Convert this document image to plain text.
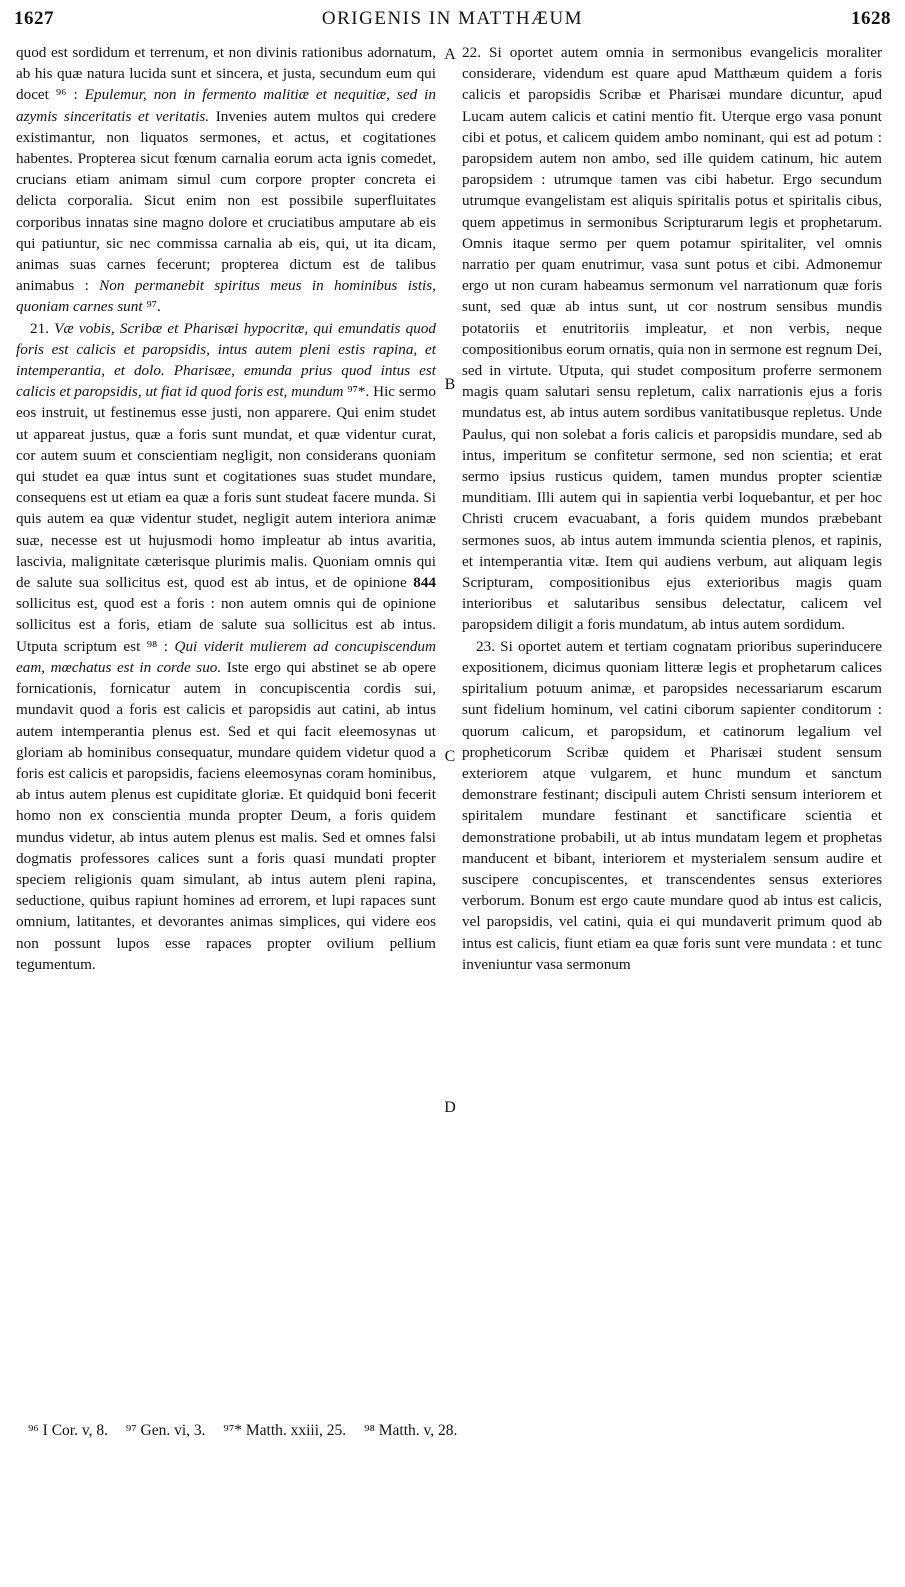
1627	ORIGENIS IN MATTHÆUM	1628

quod est sordidum et terrenum, et non divinis rationibus adornatum, ab his quæ natura lucida sunt et sincera, et justa, secundum eum qui docet ⁹⁶ : Epulemur, non in fermento malitiæ et nequitiæ, sed in azymis sinceritatis et veritatis. Invenies autem multos qui credere existimantur, non liquatos sermones, et actus, et cogitationes habentes. Propterea sicut fœnum carnalia eorum acta ignis comedet, crucians etiam animam simul cum corpore propter concreta ei delicta corporalia. Sicut enim non est possibile superfluitates corporibus innatas sine magno dolore et cruciatibus amputare ab eis qui patiuntur, sic nec commissa carnalia ab eis, qui, ut ita dicam, animas suas carnes fecerunt; propterea dictum est de talibus animabus : Non permanebit spiritus meus in hominibus istis, quoniam carnes sunt ⁹⁷.

21. Væ vobis, Scribæ et Pharisæi hypocritæ, qui emundatis quod foris est calicis et paropsidis, intus autem pleni estis rapina, et intemperantia, et dolo. Pharisæe, emunda prius quod intus est calicis et paropsidis, ut fiat id quod foris est, mundum ⁹⁷*. Hic sermo eos instruit, ut festinemus esse justi, non apparere. Qui enim studet ut appareat justus, quæ a foris sunt mundat, et quæ videntur curat, cor autem suum et conscientiam negligit, non considerans quoniam qui studet ea quæ intus sunt et cogitationes suas studet mundare, consequens est ut etiam ea quæ a foris sunt studeat facere munda. Si quis autem ea quæ videntur studet, negligit autem interiora animæ suæ, necesse est ut hujusmodi homo impleatur ab intus avaritia, lascivia, malignitate cæterisque plurimis malis. Quoniam omnis qui de salute sua sollicitus est, quod est ab intus, et de opinione 844 sollicitus est, quod est a foris : non autem omnis qui de opinione sollicitus est a foris, etiam de salute sua sollicitus est ab intus. Utputa scriptum est ⁹⁸ : Qui viderit mulierem ad concupiscendum eam, mœchatus est in corde suo. Iste ergo qui abstinet se ab opere fornicationis, fornicatur autem in concupiscentia cordis sui, mundavit quod a foris est calicis et paropsidis aut catini, ab intus autem intemperantia plenus est. Sed et qui facit eleemosynas ut gloriam ab hominibus consequatur, mundare quidem videtur quod a foris est calicis et paropsidis, faciens eleemosynas coram hominibus, ab intus autem plenus est cupiditate gloriæ. Et quidquid boni fecerit homo non ex conscientia munda propter Deum, a foris quidem mundus videtur, ab intus autem plenus est malis. Sed et omnes falsi dogmatis professores calices sunt a foris quasi mundati propter speciem religionis quam simulant, ab intus autem pleni rapina, seductione, quibus rapiunt homines ad errorem, et lupi rapaces sunt omnium, latitantes, et devorantes animas simplices, qui videre eos non possunt lupos esse rapaces propter ovilium pellium tegumentum.

22. Si oportet autem omnia in sermonibus evangelicis moraliter considerare, videndum est quare apud Matthæum quidem a foris calicis et paropsidis Scribæ et Pharisæi mundare dicuntur, apud Lucam autem calicis et catini mentio fit. Uterque ergo vasa ponunt cibi et potus, et calicem quidem ambo nominant, qui est ad potum : paropsidem autem non ambo, sed ille quidem catinum, hic autem paropsidem : utrumque tamen vas cibi habetur. Ergo secundum utrumque evangelistam est aliquis spiritalis potus et spiritalis cibus, quem appetimus in sermonibus Scripturarum legis et prophetarum. Omnis itaque sermo per quem potamur spiritaliter, vel omnis narratio per quam enutrimur, vasa sunt potus et cibi. Admonemur ergo ut non curam habeamus sermonum vel narrationum quæ foris sunt, sed quæ ab intus sunt, ut cor nostrum sensibus mundis potatoriis et enutritoriis impleatur, et non verbis, neque compositionibus eorum ornatis, quia non in sermone est regnum Dei, sed in virtute. Utputa, qui studet compositum proferre sermonem magis quam salutari sensu repletum, calix narrationis ejus a foris mundatus est, ab intus autem sordibus vanitatibusque repletus. Unde Paulus, qui non solebat a foris calicis et paropsidis mundare, sed ab intus, imperitum se confitetur sermone, sed non scientia; et erat sermo ipsius rusticus quidem, tamen mundus propter scientiæ munditiam. Illi autem qui in sapientia verbi loquebantur, et per hoc Christi crucem evacuabant, a foris quidem mundos præbebant sermones suos, ab intus autem immunda scientia plenos, et rapinis, et intemperantia vitæ. Item qui audiens verbum, aut aliquam legis Scripturam, compositionibus ejus exterioribus magis quam interioribus et salutaribus sensibus delectatur, calicem vel paropsidem diligit a foris mundatum, ab intus autem sordidum.

23. Si oportet autem et tertiam cognatam prioribus superinducere expositionem, dicimus quoniam litteræ legis et prophetarum calices spiritalium potuum animæ, et paropsides necessariarum escarum sunt fidelium hominum, vel catini ciborum sapienter conditorum : quorum calicum, et paropsidum, et catinorum legalium vel propheticorum Scribæ quidem et Pharisæi student sensum exteriorem atque vulgarem, et hunc mundum et sanctum demonstrare festinant; discipuli autem Christi sensum interiorem et spiritalem mundare festinant et sanctificare scientia et demonstratione probabili, ut ab intus mundatam legem et prophetas manducent et bibant, interiorem et mysterialem sensum audire et suscipere concupiscentes, et transcendentes sensus exteriores verborum. Bonum est ergo caute mundare quod ab intus est calicis, vel paropsidis, vel catini, quia ei qui mundaverit primum quod ab intus est calicis, fiunt etiam ea quæ foris sunt vere mundata : et tunc inveniuntur vasa sermonum

A
B
C
D
⁹⁶ I Cor. v, 8. ⁹⁷ Gen. vi, 3. ⁹⁷* Matth. xxiii, 25. ⁹⁸ Matth. v, 28.
